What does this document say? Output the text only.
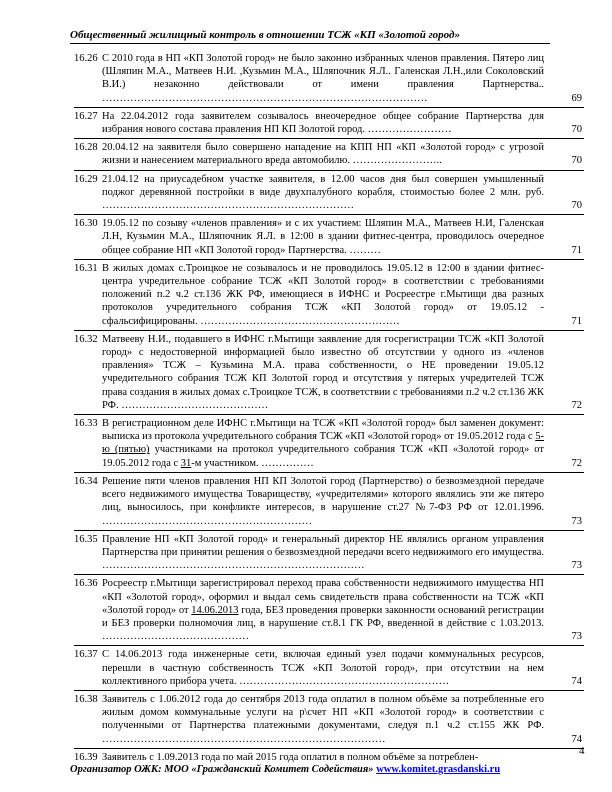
Общественный жилищный контроль в отношении ТСЖ «КП «Золотой город»
16.26 С 2010 года в НП «КП Золотой город» не было законно избранных членов правления. Пятеро лиц (Шляпин М.А., Матвеев Н.И. ,Кузьмин М.А., Шляпочник Я.Л.. Галенская Л.Н.,или Соколовский В.И.) незаконно действовали от имени правления Партнерства.. …………………………………………………………………………………	69
16.27 На 22.04.2012 года заявителем созывалось внеочередное общее собрание Партнерства для избрания нового состава правления НП КП Золотой город. ……………………	70
16.28 20.04.12 на заявителя было совершено нападение на КПП НП «КП «Золотой город» с угрозой жизни и нанесением материального вреда автомобилю. ……………………..	70
16.29 21.04.12 на приусадебном участке заявителя, в 12.00 часов дня был совершен умышленный поджог деревянной постройки в виде двухпалубного корабля, стоимостью более 2 млн. руб. ………………………………………………………………	70
16.30 19.05.12 по созыву «членов правления» и с их участием: Шляпин М.А., Матвеев Н.И, Галенская Л.Н, Кузьмин М.А., Шляпочник Я.Л. в 12:00 в здании фитнес-центра, проводилось очередное общее собрание НП «КП Золотой город» Партнерства. ………	71
16.31 В жилых домах с.Троицкое не созывалось и не проводилось 19.05.12 в 12:00 в здании фитнес-центра учредительное собрание ТСЖ «КП Золотой город» в соответствии с требованиями положений п.2 ч.2 ст.136 ЖК РФ, имеющиеся в ИФНС и Росреестре г.Мытищи два разных протоколов учредительного собрания ТСЖ «КП Золотой город» от 19.05.12 - сфальсифицированы. …………………………………………………	71
16.32 Матвееву Н.И., подавшего в ИФНС г.Мытищи заявление для госрегистрации ТСЖ «КП Золотой город» с недостоверной информацией было известно об отсутствии у одного из «членов правления» ТСЖ – Кузьмина М.А. права собственности, о НЕ проведении 19.05.12 учредительного собрания ТСЖ КП Золотой город и отсутствия у пятерых учредителей ТСЖ права создания в жилых домах с.Троицкое ТСЖ, в соответствии с требованиями п.2 ч.2 ст.136 ЖК РФ. ……………………………………	72
16.33 В регистрационном деле ИФНС г.Мытищи на ТСЖ «КП «Золотой город» был заменен документ: выписка из протокола учредительного собрания ТСЖ «КП «Золотой город» от 19.05.2012 года с 5-ю (пятью) участниками на протокол учредительного собрания ТСЖ «КП «Золотой город» от 19.05.2012 года с 31-м участником. ……………	72
16.34 Решение пяти членов правления НП КП Золотой город (Партнерство) о безвозмездной передаче всего недвижимого имущества Товариществу, «учредителями» которого являлись эти же пятеро лиц, выносилось, при конфликте интересов, в нарушение ст.27 №7-ФЗ РФ от 12.01.1996. ……………………………………………………	73
16.35 Правление НП «КП Золотой город» и генеральный директор НЕ являлись органом управления Партнерства при принятии решения о безвозмездной передачи всего недвижимого его имущества. …………………………………………………………………	73
16.36 Росреестр г.Мытищи зарегистрировал переход права собственности недвижимого имущества НП «КП «Золотой город», оформил и выдал семь свидетельств права собственности на ТСЖ «КП «Золотой город» от 14.06.2013 года, БЕЗ проведения проверки законности оснований регистрации и БЕЗ проверки полномочия лиц, в нарушение ст.8.1 ГК РФ, введенной в действие с 1.03.2013. ……………………………………	73
16.37 С 14.06.2013 года инженерные сети, включая единый узел подачи коммунальных ресурсов, перешли в частную собственность ТСЖ «КП Золотой город», при отсутствии на нем коллективного прибора учета. ……………………………………………………	74
16.38 Заявитель с 1.06.2012 года до сентября 2013 года оплатил в полном объёме за потребленные его жилым домом коммунальные услуги на р\счет НП «КП «Золотой город» в соответствии с полученными от Партнерства платежными документами, следуя п.1 ч.2 ст.155 ЖК РФ. ………………………………………………………………………	74
16.39 Заявитель с 1.09.2013 года по май 2015 года оплатил в полном объёме за потреблен-
4
Организатор ОЖК: МОО «Гражданский Комитет Содействия» www.komitet.grasdanski.ru
